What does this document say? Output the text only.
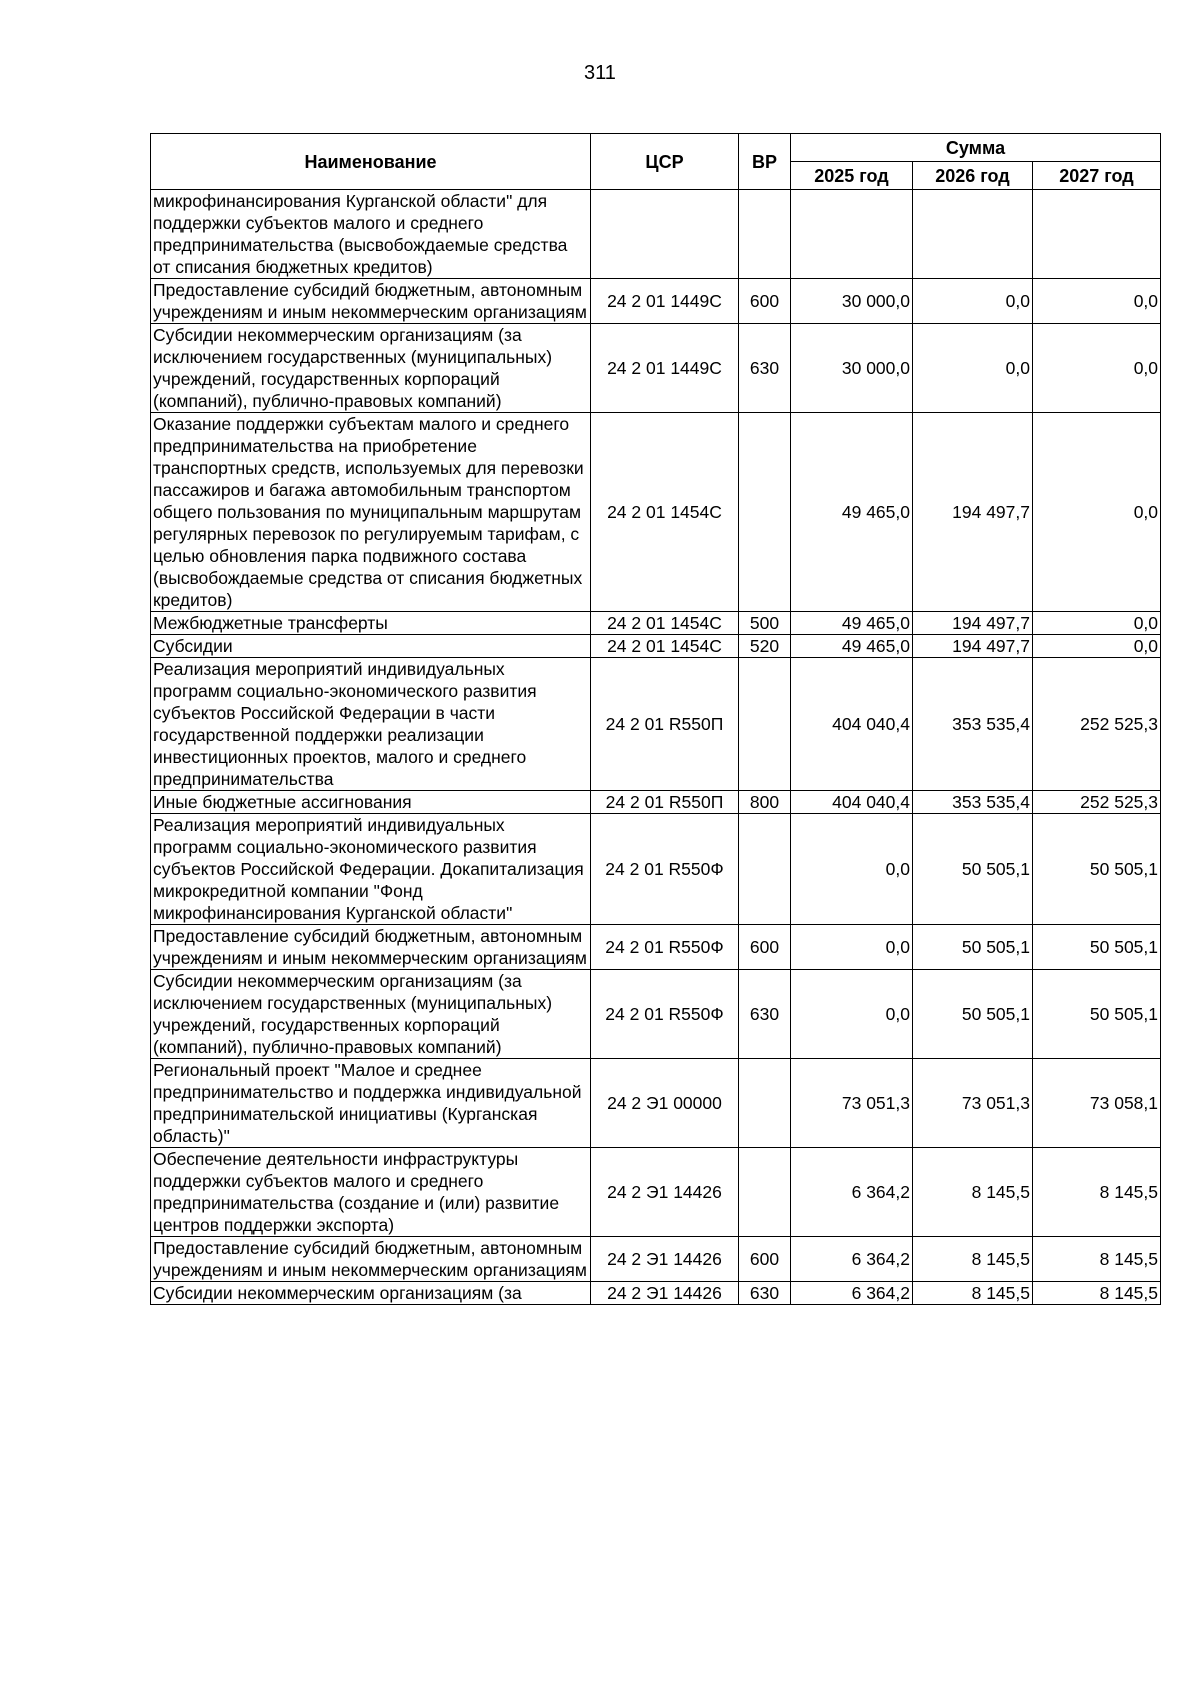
311
Наименование	ЦСР	ВР	Сумма		
			2025 год	2026 год	2027 год
микрофинансирования Курганской области" для поддержки субъектов малого и среднего предпринимательства (высвобождаемые средства от списания бюджетных кредитов)					
Предоставление субсидий бюджетным, автономным учреждениям и иным некоммерческим организациям	24 2 01 1449С	600	30 000,0	0,0	0,0
Субсидии некоммерческим организациям (за исключением государственных (муниципальных) учреждений, государственных корпораций (компаний), публично-правовых компаний)	24 2 01 1449С	630	30 000,0	0,0	0,0
Оказание поддержки субъектам малого и среднего предпринимательства на приобретение транспортных средств, используемых для перевозки пассажиров и багажа автомобильным транспортом общего пользования по муниципальным маршрутам регулярных перевозок по регулируемым тарифам, с целью обновления парка подвижного состава (высвобождаемые средства от списания бюджетных кредитов)	24 2 01 1454С		49 465,0	194 497,7	0,0
Межбюджетные трансферты	24 2 01 1454С	500	49 465,0	194 497,7	0,0
Субсидии	24 2 01 1454С	520	49 465,0	194 497,7	0,0
Реализация мероприятий индивидуальных программ социально-экономического развития субъектов Российской Федерации в части государственной поддержки реализации инвестиционных проектов, малого и среднего предпринимательства	24 2 01 R550П		404 040,4	353 535,4	252 525,3
Иные бюджетные ассигнования	24 2 01 R550П	800	404 040,4	353 535,4	252 525,3
Реализация мероприятий индивидуальных программ социально-экономического развития субъектов Российской Федерации. Докапитализация микрокредитной компании "Фонд микрофинансирования Курганской области"	24 2 01 R550Ф		0,0	50 505,1	50 505,1
Предоставление субсидий бюджетным, автономным учреждениям и иным некоммерческим организациям	24 2 01 R550Ф	600	0,0	50 505,1	50 505,1
Субсидии некоммерческим организациям (за исключением государственных (муниципальных) учреждений, государственных корпораций (компаний), публично-правовых компаний)	24 2 01 R550Ф	630	0,0	50 505,1	50 505,1
Региональный проект "Малое и среднее предпринимательство и поддержка индивидуальной предпринимательской инициативы (Курганская область)"	24 2 Э1 00000		73 051,3	73 051,3	73 058,1
Обеспечение деятельности инфраструктуры поддержки субъектов малого и среднего предпринимательства (создание и (или) развитие центров поддержки экспорта)	24 2 Э1 14426		6 364,2	8 145,5	8 145,5
Предоставление субсидий бюджетным, автономным учреждениям и иным некоммерческим организациям	24 2 Э1 14426	600	6 364,2	8 145,5	8 145,5
Субсидии некоммерческим организациям (за	24 2 Э1 14426	630	6 364,2	8 145,5	8 145,5
